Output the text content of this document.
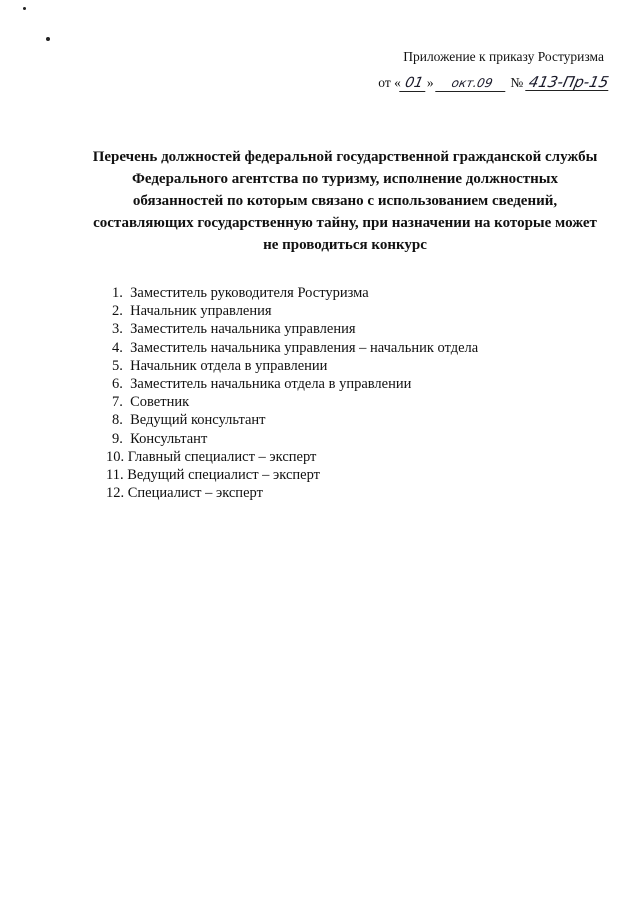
Приложение к приказу Ростуризма
от « 01 » окт.09 № 413-Пр-15
Перечень должностей федеральной государственной гражданской службы
Федерального агентства по туризму, исполнение должностных
обязанностей по которым связано с использованием сведений,
составляющих государственную тайну, при назначении на которые может
не проводиться конкурс
1. Заместитель руководителя Ростуризма
2. Начальник управления
3. Заместитель начальника управления
4. Заместитель начальника управления – начальник отдела
5. Начальник отдела в управлении
6. Заместитель начальника отдела в управлении
7. Советник
8. Ведущий консультант
9. Консультант
10. Главный специалист – эксперт
11. Ведущий специалист – эксперт
12. Специалист – эксперт
